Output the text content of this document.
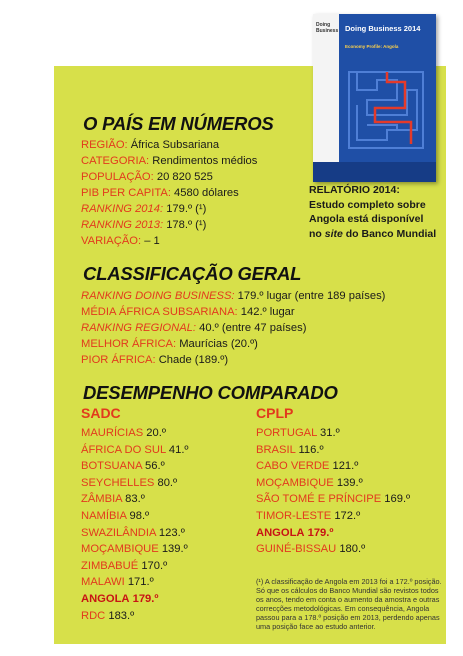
Doing Business Doing Business 2014
Economy Profile: Angola
RELATÓRIO 2014:
Estudo completo sobre
Angola está disponível
no site do Banco Mundial
O PAÍS EM NÚMEROS
REGIÃO: África Subsariana
CATEGORIA: Rendimentos médios
POPULAÇÃO: 20 820 525
PIB PER CAPITA: 4580 dólares
RANKING 2014: 179.º (¹)
RANKING 2013: 178.º (¹)
VARIAÇÃO: – 1
CLASSIFICAÇÃO GERAL
RANKING DOING BUSINESS: 179.º lugar (entre 189 países)
MÉDIA ÁFRICA SUBSARIANA: 142.º lugar
RANKING REGIONAL: 40.º (entre 47 países)
MELHOR ÁFRICA: Maurícias (20.º)
PIOR ÁFRICA: Chade (189.º)
DESEMPENHO COMPARADO
SADC
MAURÍCIAS 20.º
ÁFRICA DO SUL 41.º
BOTSUANA 56.º
SEYCHELLES 80.º
ZÂMBIA 83.º
NAMÍBIA 98.º
SWAZILÂNDIA 123.º
MOÇAMBIQUE 139.º
ZIMBABUÉ 170.º
MALAWI 171.º
ANGOLA 179.º
RDC 183.º
CPLP
PORTUGAL 31.º
BRASIL 116.º
CABO VERDE 121.º
MOÇAMBIQUE 139.º
SÃO TOMÉ E PRÍNCIPE 169.º
TIMOR-LESTE 172.º
ANGOLA 179.º
GUINÉ-BISSAU 180.º
(¹) A classificação de Angola em 2013 foi a 172.º posição. Só que os cálculos do Banco Mundial são revistos todos os anos, tendo em conta o aumento da amostra e outras correcções metodológicas. Em consequência, Angola passou para a 178.º posição em 2013, perdendo apenas uma posição face ao estudo anterior.
